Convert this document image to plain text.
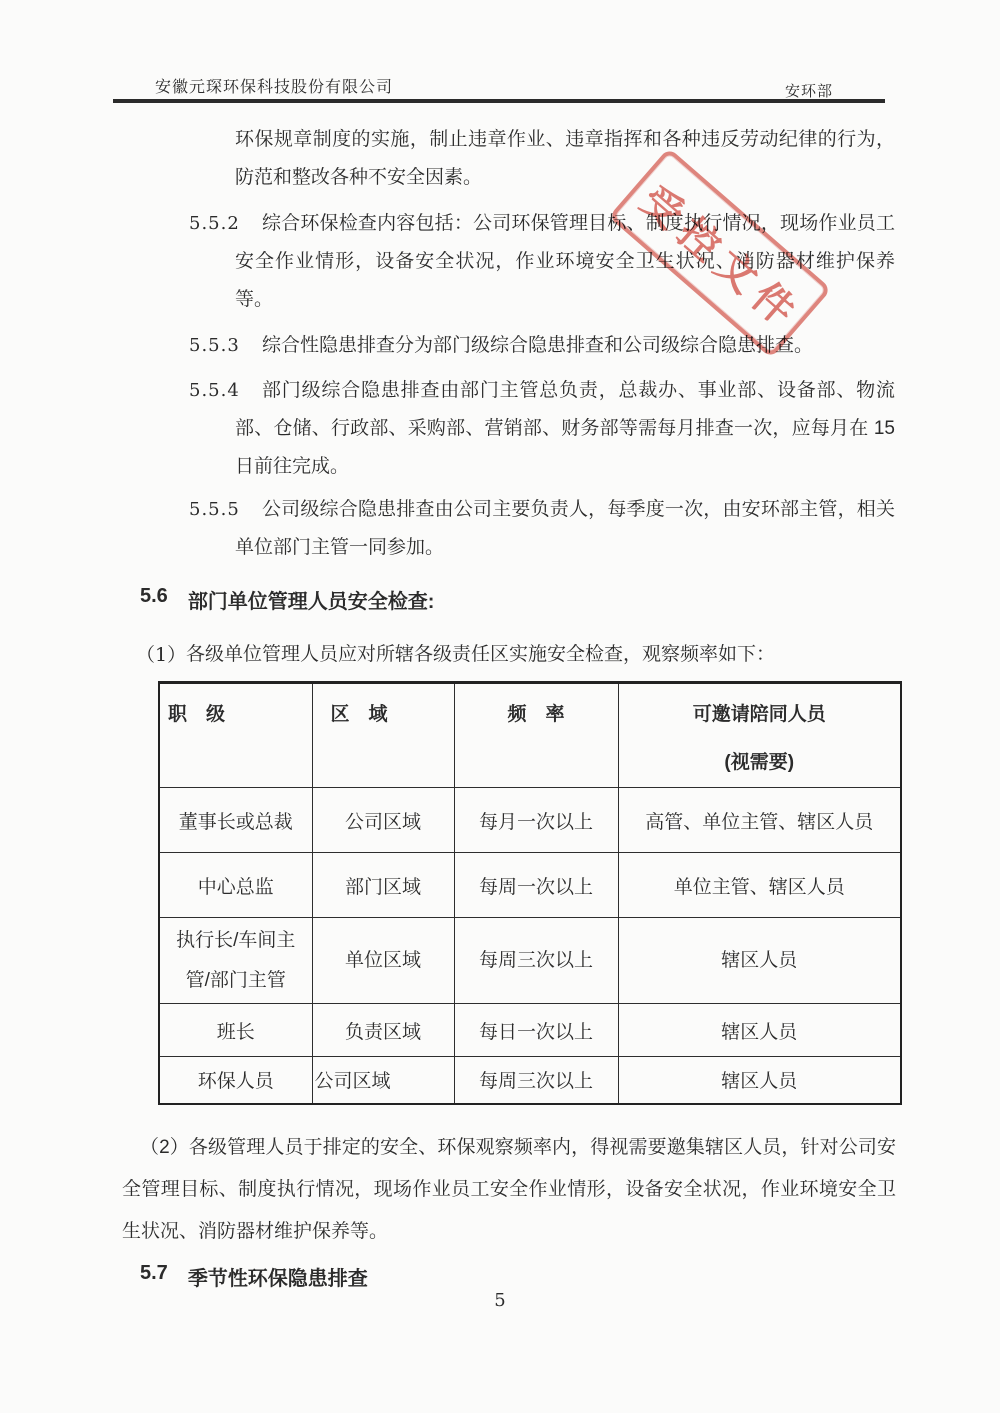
安徽元琛环保科技股份有限公司	安环部
受控文件
环保规章制度的实施，制止违章作业、违章指挥和各种违反劳动纪律的行为，防范和整改各种不安全因素。
5.5.2	综合环保检查内容包括：公司环保管理目标、制度执行情况，现场作业员工安全作业情形，设备安全状况，作业环境安全卫生状况、消防器材维护保养等。
5.5.3	综合性隐患排查分为部门级综合隐患排查和公司级综合隐患排查。
5.5.4	部门级综合隐患排查由部门主管总负责，总裁办、事业部、设备部、物流部、仓储、行政部、采购部、营销部、财务部等需每月排查一次，应每月在 15 日前往完成。
5.5.5	公司级综合隐患排查由公司主要负责人，每季度一次，由安环部主管，相关单位部门主管一同参加。
5.6 部门单位管理人员安全检查:
（1） 各级单位管理人员应对所辖各级责任区实施安全检查，观察频率如下：
职　级	区　域	频　率	可邀请陪同人员
(视需要)

董事长或总裁	公司区域	每月一次以上	高管、单位主管、辖区人员
中心总监	部门区域	每周一次以上	单位主管、辖区人员
执行长/车间主管/部门主管	单位区域	每周三次以上	辖区人员
班长	负责区域	每日一次以上	辖区人员
环保人员	公司区域	每周三次以上	辖区人员
（2）各级管理人员于排定的安全、环保观察频率内，得视需要邀集辖区人员，针对公司安全管理目标、制度执行情况，现场作业员工安全作业情形，设备安全状况，作业环境安全卫生状况、消防器材维护保养等。
5.7 季节性环保隐患排查
5
